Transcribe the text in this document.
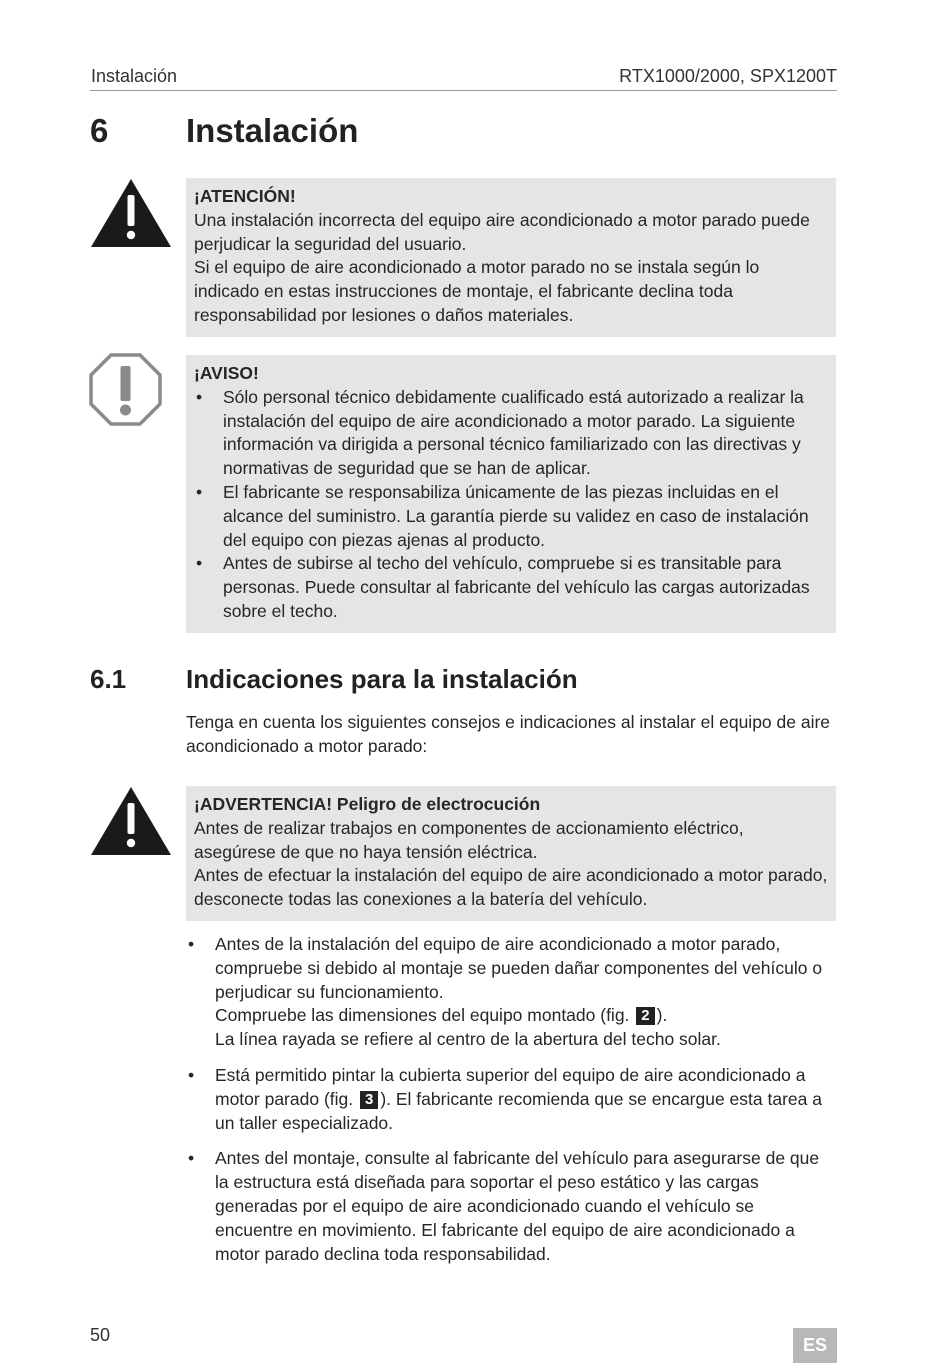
Instalación	RTX1000/2000, SPX1200T
6 Instalación
¡ATENCIÓN!

Una instalación incorrecta del equipo aire acondicionado a motor parado puede perjudicar la seguridad del usuario.

Si el equipo de aire acondicionado a motor parado no se instala según lo indicado en estas instrucciones de montaje, el fabricante declina toda responsabilidad por lesiones o daños materiales.

¡AVISO!
• Sólo personal técnico debidamente cualificado está autorizado a realizar la instalación del equipo de aire acondicionado a motor parado. La siguiente información va dirigida a personal técnico familiarizado con las directivas y normativas de seguridad que se han de aplicar.
• El fabricante se responsabiliza únicamente de las piezas incluidas en el alcance del suministro. La garantía pierde su validez en caso de instalación del equipo con piezas ajenas al producto.
• Antes de subirse al techo del vehículo, compruebe si es transitable para personas. Puede consultar al fabricante del vehículo las cargas autorizadas sobre el techo.
6.1 Indicaciones para la instalación

Tenga en cuenta los siguientes consejos e indicaciones al instalar el equipo de aire acondicionado a motor parado:

¡ADVERTENCIA! Peligro de electrocución

Antes de realizar trabajos en componentes de accionamiento eléctrico, asegúrese de que no haya tensión eléctrica.

Antes de efectuar la instalación del equipo de aire acondicionado a motor parado, desconecte todas las conexiones a la batería del vehículo.

• Antes de la instalación del equipo de aire acondicionado a motor parado, compruebe si debido al montaje se pueden dañar componentes del vehículo o perjudicar su funcionamiento.
Compruebe las dimensiones del equipo montado (fig. 2 ).
La línea rayada se refiere al centro de la abertura del techo solar.
• Está permitido pintar la cubierta superior del equipo de aire acondicionado a motor parado (fig. 3 ). El fabricante recomienda que se encargue esta tarea a un taller especializado.
• Antes del montaje, consulte al fabricante del vehículo para asegurarse de que la estructura está diseñada para soportar el peso estático y las cargas generadas por el equipo de aire acondicionado cuando el vehículo se encuentre en movimiento. El fabricante del equipo de aire acondicionado a motor parado declina toda responsabilidad.
50	ES
